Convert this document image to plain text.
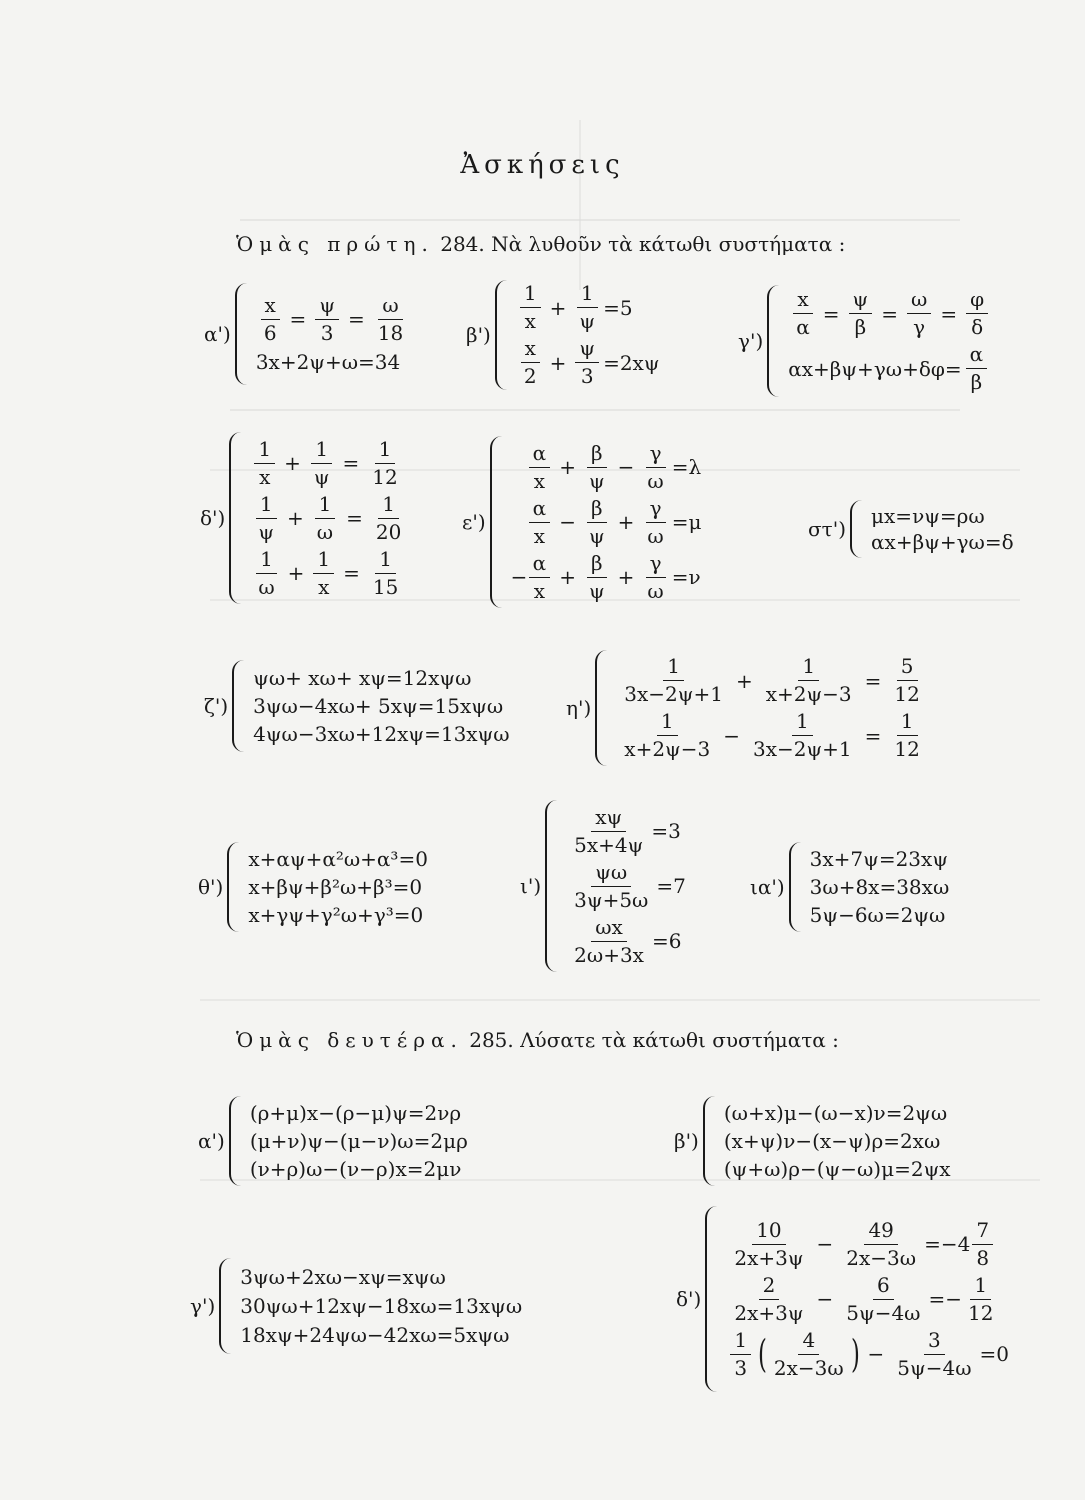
Ἀσκήσεις
Ὁμὰς πρώτη. 284. Νὰ λυθοῦν τὰ κάτωθι συστήματα :
$\alpha') \frac{x}{6} = \frac{\psi}{3} = \frac{\omega}{18}$
3x+2ψ+ω=34
β')
1
x
+ $\frac{1}{\psi} =5$
x
2
+ $\frac{\psi}{3} =2x\psi$
$\gamma') \frac{x}{\alpha} = \frac{\psi}{\beta} = \frac{\omega}{\gamma} = \frac{\varphi}{\delta}$
$\alpha x+\beta\psi+\gamma\omega+\delta\varphi= \frac{\alpha}{\beta}$
δ')
1
x
+ $\frac{1}{\psi} = \frac{1}{12}$
1
ψ
+ $\frac{1}{\omega} = \frac{1}{20}$
1
ω
+ $\frac{1}{x} = \frac{1}{15}$
ε')
α
x
+ $\frac{\beta}{\psi} - \frac{\gamma}{\omega} =\lambda$
α
x
− $\frac{\beta}{\psi} + \frac{\gamma}{\omega} =\mu$
− $\frac{\alpha}{x} + \frac{\beta}{\psi} + \frac{\gamma}{\omega} =\nu$
στ')
μx=νψ=ρω
αx+βψ+γω=δ
ζ')
ψω+ xω+ xψ=12xψω
3ψω−4xω+ 5xψ=15xψω
4ψω−3xω+12xψ=13xψω
η')
1
3x−2ψ+1
+ $\frac{1}{x+2\psi-3} = \frac{5}{12}$
1
x+2ψ−3
− $\frac{1}{3x-2\psi+1} = \frac{1}{12}$
θ')
x+αψ+α²ω+α³=0
x+βψ+β²ω+β³=0
x+γψ+γ²ω+γ³=0
ι')
$\frac{x\psi}{5x+4\psi} =3$
$\frac{\psi\omega}{3\psi+5\omega} =7$
$\frac{\omega x}{2\omega+3x} =6$
ια')
3x+7ψ=23xψ
3ω+8x=38xω
5ψ−6ω=2ψω
Ὁμὰς δευτέρα. 285. Λύσατε τὰ κάτωθι συστήματα :
α')
(ρ+μ)x−(ρ−μ)ψ=2νρ
(μ+ν)ψ−(μ−ν)ω=2μρ
(ν+ρ)ω−(ν−ρ)x=2μν
β')
(ω+x)μ−(ω−x)ν=2ψω
(x+ψ)ν−(x−ψ)ρ=2xω
(ψ+ω)ρ−(ψ−ω)μ=2ψx
γ')
3ψω+2xω−xψ=xψω
30ψω+12xψ−18xω=13xψω
18xψ+24ψω−42xω=5xψω
δ')
10
2x+3ψ
− $\frac{49}{2x-3\omega} =-4$
7
8
2
2x+3ψ
− $\frac{6}{5\psi-4\omega} =- \frac{1}{12}$
1
3 ( 4
2x−3ω ) − $\frac{3}{5\psi-4\omega} =0$
